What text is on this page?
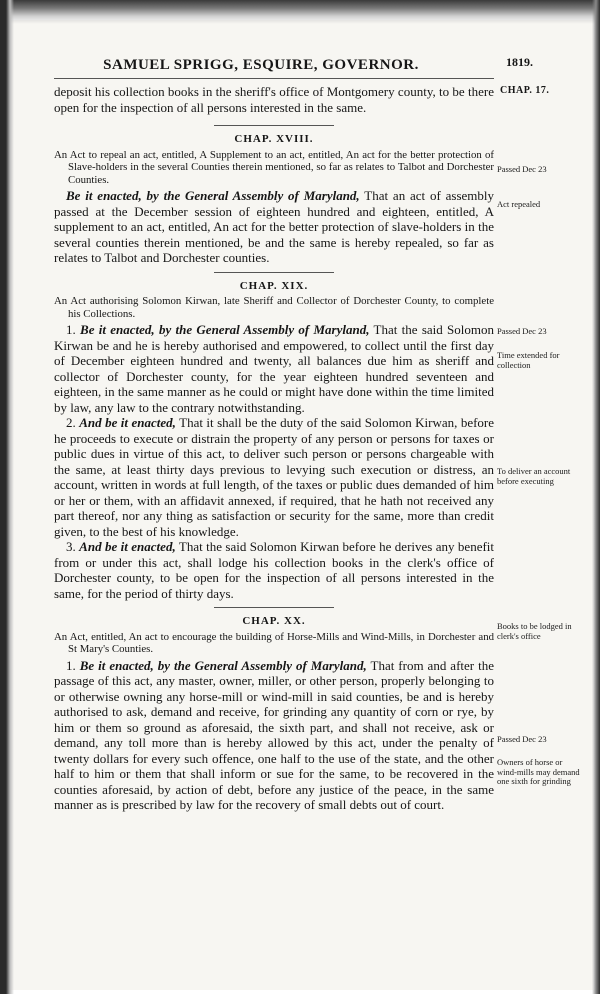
SAMUEL SPRIGG, ESQUIRE, GOVERNOR.	1819.
CHAP. 17.

deposit his collection books in the sheriff's office of Montgomery county, to be there open for the inspection of all persons interested in the same.

CHAP. XVIII.

An Act to repeal an act, entitled, A Supplement to an act, entitled, An act for the better protection of Slave-holders in the several Counties therein mentioned, so far as relates to Talbot and Dorchester Counties.

Be it enacted, by the General Assembly of Maryland, That an act of assembly passed at the December session of eighteen hundred and eighteen, entitled, A supplement to an act, entitled, An act for the better protection of slave-holders in the several counties therein mentioned, be and the same is hereby repealed, so far as relates to Talbot and Dorchester counties.

CHAP. XIX.

An Act authorising Solomon Kirwan, late Sheriff and Collector of Dorchester County, to complete his Collections.

1. Be it enacted, by the General Assembly of Maryland, That the said Solomon Kirwan be and he is hereby authorised and empowered, to collect until the first day of December eighteen hundred and twenty, all balances due him as sheriff and collector of Dorchester county, for the year eighteen hundred seventeen and eighteen, in the same manner as he could or might have done within the time limited by law, any law to the contrary notwithstanding.

2. And be it enacted, That it shall be the duty of the said Solomon Kirwan, before he proceeds to execute or distrain the property of any person or persons for taxes or public dues in virtue of this act, to deliver such person or persons chargeable with the same, at least thirty days previous to levying such execution or distress, an account, written in words at full length, of the taxes or public dues demanded of him or her or them, with an affidavit annexed, if required, that he hath not received any part thereof, nor any thing as satisfaction or security for the same, more than credit given, to the best of his knowledge.

3. And be it enacted, That the said Solomon Kirwan before he derives any benefit from or under this act, shall lodge his collection books in the clerk's office of Dorchester county, to be open for the inspection of all persons interested in the same, for the period of thirty days.

CHAP. XX.

An Act, entitled, An act to encourage the building of Horse-Mills and Wind-Mills, in Dorchester and St Mary's Counties.

1. Be it enacted, by the General Assembly of Maryland, That from and after the passage of this act, any master, owner, miller, or other person, properly belonging to or otherwise owning any horse-mill or wind-mill in said counties, be and is hereby authorised to ask, demand and receive, for grinding any quantity of corn or rye, by him or them so ground as aforesaid, the sixth part, and shall not receive, ask or demand, any toll more than is hereby allowed by this act, under the penalty of twenty dollars for every such offence, one half to the use of the state, and the other half to him or them that shall inform or sue for the same, to be recovered in the counties aforesaid, by action of debt, before any justice of the peace, in the same manner as is prescribed by law for the recovery of small debts out of court.

Passed Dec 23
Act repealed
Passed Dec 23
Time extended for collection
To deliver an account before executing
Books to be lodged in clerk's office
Passed Dec 23
Owners of horse or wind-mills may demand one sixth for grinding
